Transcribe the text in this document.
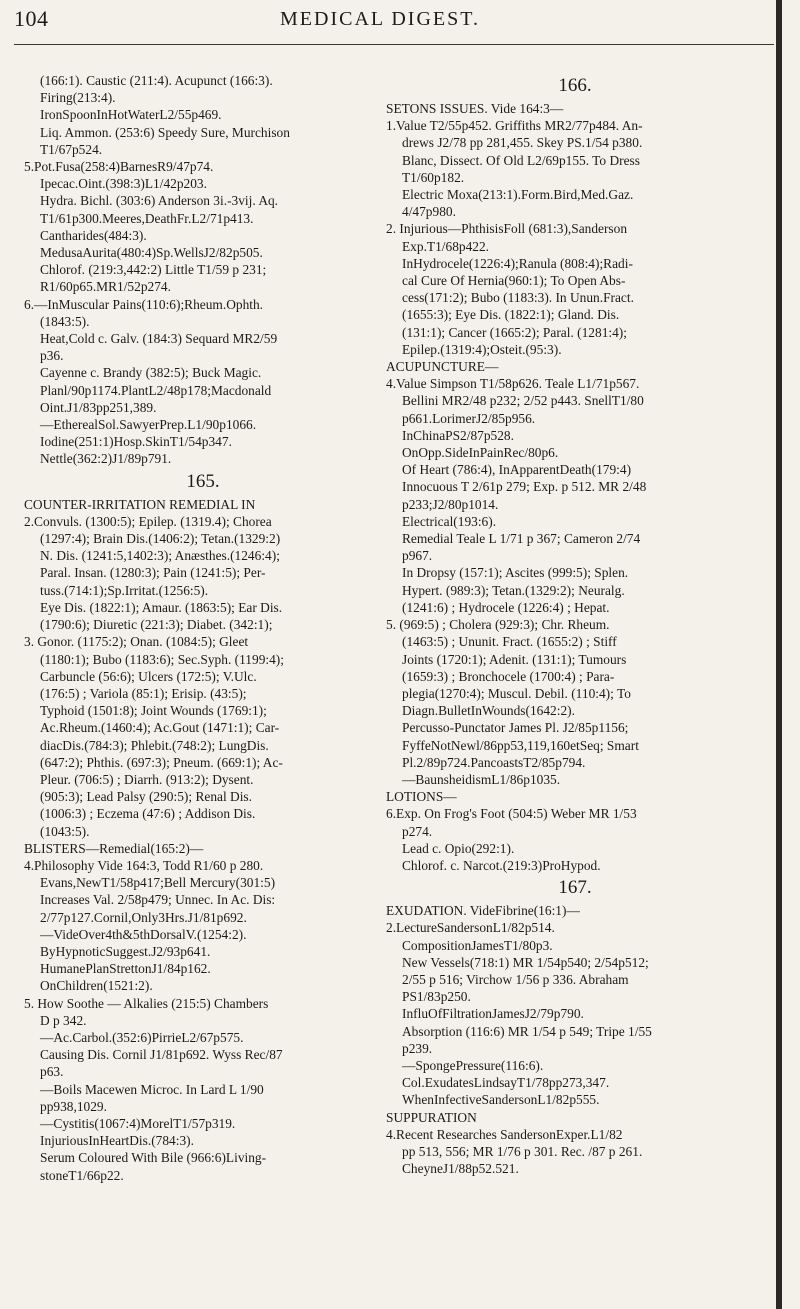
104	MEDICAL DIGEST.
(166:1). Caustic (211:4). Acupunct (166:3).
Firing(213:4).
IronSpoonInHotWaterL2/55p469.
Liq. Ammon. (253:6) Speedy Sure, Murchison
T1/67p524.
5.Pot.Fusa(258:4)BarnesR9/47p74.
Ipecac.Oint.(398:3)L1/42p203.
Hydra. Bichl. (303:6) Anderson 3i.-3vij. Aq.
T1/61p300.Meeres,DeathFr.L2/71p413.
Cantharides(484:3).
MedusaAurita(480:4)Sp.WellsJ2/82p505.
Chlorof. (219:3,442:2) Little T1/59 p 231;
R1/60p65.MR1/52p274.
6.—InMuscular Pains(110:6);Rheum.Ophth.
(1843:5).
Heat,Cold c. Galv. (184:3) Sequard MR2/59
p36.
Cayenne c. Brandy (382:5); Buck Magic.
Planl/90p1174.PlantL2/48p178;Macdonald
Oint.J1/83pp251,389.
—EtherealSol.SawyerPrep.L1/90p1066.
Iodine(251:1)Hosp.SkinT1/54p347.
Nettle(362:2)J1/89p791.
165.
COUNTER-IRRITATION REMEDIAL IN
2.Convuls. (1300:5); Epilep. (1319.4); Chorea
(1297:4); Brain Dis.(1406:2); Tetan.(1329:2)
N. Dis. (1241:5,1402:3); Anæsthes.(1246:4);
Paral. Insan. (1280:3); Pain (1241:5); Per-
tuss.(714:1);Sp.Irritat.(1256:5).
Eye Dis. (1822:1); Amaur. (1863:5); Ear Dis.
(1790:6); Diuretic (221:3); Diabet. (342:1);
3. Gonor. (1175:2); Onan. (1084:5); Gleet
(1180:1); Bubo (1183:6); Sec.Syph. (1199:4);
Carbuncle (56:6); Ulcers (172:5); V.Ulc.
(176:5) ; Variola (85:1); Erisip. (43:5);
Typhoid (1501:8); Joint Wounds (1769:1);
Ac.Rheum.(1460:4); Ac.Gout (1471:1); Car-
diacDis.(784:3); Phlebit.(748:2); LungDis.
(647:2); Phthis. (697:3); Pneum. (669:1); Ac-
Pleur. (706:5) ; Diarrh. (913:2); Dysent.
(905:3); Lead Palsy (290:5); Renal Dis.
(1006:3) ; Eczema (47:6) ; Addison Dis.
(1043:5).
BLISTERS—Remedial(165:2)—
4.Philosophy Vide 164:3, Todd R1/60 p 280.
Evans,NewT1/58p417;Bell Mercury(301:5)
Increases Val. 2/58p479; Unnec. In Ac. Dis:
2/77p127.Cornil,Only3Hrs.J1/81p692.
—VideOver4th&5thDorsalV.(1254:2).
ByHypnoticSuggest.J2/93p641.
HumanePlanStrettonJ1/84p162.
OnChildren(1521:2).
5. How Soothe — Alkalies (215:5) Chambers
D p 342.
—Ac.Carbol.(352:6)PirrieL2/67p575.
Causing Dis. Cornil J1/81p692. Wyss Rec/87
p63.
—Boils Macewen Microc. In Lard L 1/90
pp938,1029.
—Cystitis(1067:4)MorelT1/57p319.
InjuriousInHeartDis.(784:3).
Serum Coloured With Bile (966:6)Living-
stoneT1/66p22.
166.
SETONS ISSUES. Vide 164:3—
1.Value T2/55p452. Griffiths MR2/77p484. An-
drews J2/78 pp 281,455. Skey PS.1/54 p380.
Blanc, Dissect. Of Old L2/69p155. To Dress
T1/60p182.
Electric Moxa(213:1).Form.Bird,Med.Gaz.
4/47p980.
2. Injurious—PhthisisFoll (681:3),Sanderson
Exp.T1/68p422.
InHydrocele(1226:4);Ranula (808:4);Radi-
cal Cure Of Hernia(960:1); To Open Abs-
cess(171:2); Bubo (1183:3). In Unun.Fract.
(1655:3); Eye Dis. (1822:1); Gland. Dis.
(131:1); Cancer (1665:2); Paral. (1281:4);
Epilep.(1319:4);Osteit.(95:3).
ACUPUNCTURE—
4.Value Simpson T1/58p626. Teale L1/71p567.
Bellini MR2/48 p232; 2/52 p443. SnellT1/80
p661.LorimerJ2/85p956.
InChinaPS2/87p528.
OnOpp.SideInPainRec/80p6.
Of Heart (786:4), InApparentDeath(179:4)
Innocuous T 2/61p 279; Exp. p 512. MR 2/48
p233;J2/80p1014.
Electrical(193:6).
Remedial Teale L 1/71 p 367; Cameron 2/74
p967.
In Dropsy (157:1); Ascites (999:5); Splen.
Hypert. (989:3); Tetan.(1329:2); Neuralg.
(1241:6) ; Hydrocele (1226:4) ; Hepat.
5. (969:5) ; Cholera (929:3); Chr. Rheum.
(1463:5) ; Ununit. Fract. (1655:2) ; Stiff
Joints (1720:1); Adenit. (131:1); Tumours
(1659:3) ; Bronchocele (1700:4) ; Para-
plegia(1270:4); Muscul. Debil. (110:4); To
Diagn.BulletInWounds(1642:2).
Percusso-Punctator James Pl. J2/85p1156;
FyffeNotNewl/86pp53,119,160etSeq; Smart
Pl.2/89p724.PancoastsT2/85p794.
—BaunsheidismL1/86p1035.
LOTIONS—
6.Exp. On Frog's Foot (504:5) Weber MR 1/53
p274.
Lead c. Opio(292:1).
Chlorof. c. Narcot.(219:3)ProHypod.
167.
EXUDATION. VideFibrine(16:1)—
2.LectureSandersonL1/82p514.
CompositionJamesT1/80p3.
New Vessels(718:1) MR 1/54p540; 2/54p512;
2/55 p 516; Virchow 1/56 p 336. Abraham
PS1/83p250.
InfluOfFiltrationJamesJ2/79p790.
Absorption (116:6) MR 1/54 p 549; Tripe 1/55
p239.
—SpongePressure(116:6).
Col.ExudatesLindsayT1/78pp273,347.
WhenInfectiveSandersonL1/82p555.
SUPPURATION
4.Recent Researches SandersonExper.L1/82
pp 513, 556; MR 1/76 p 301. Rec. /87 p 261.
CheyneJ1/88p52.521.
